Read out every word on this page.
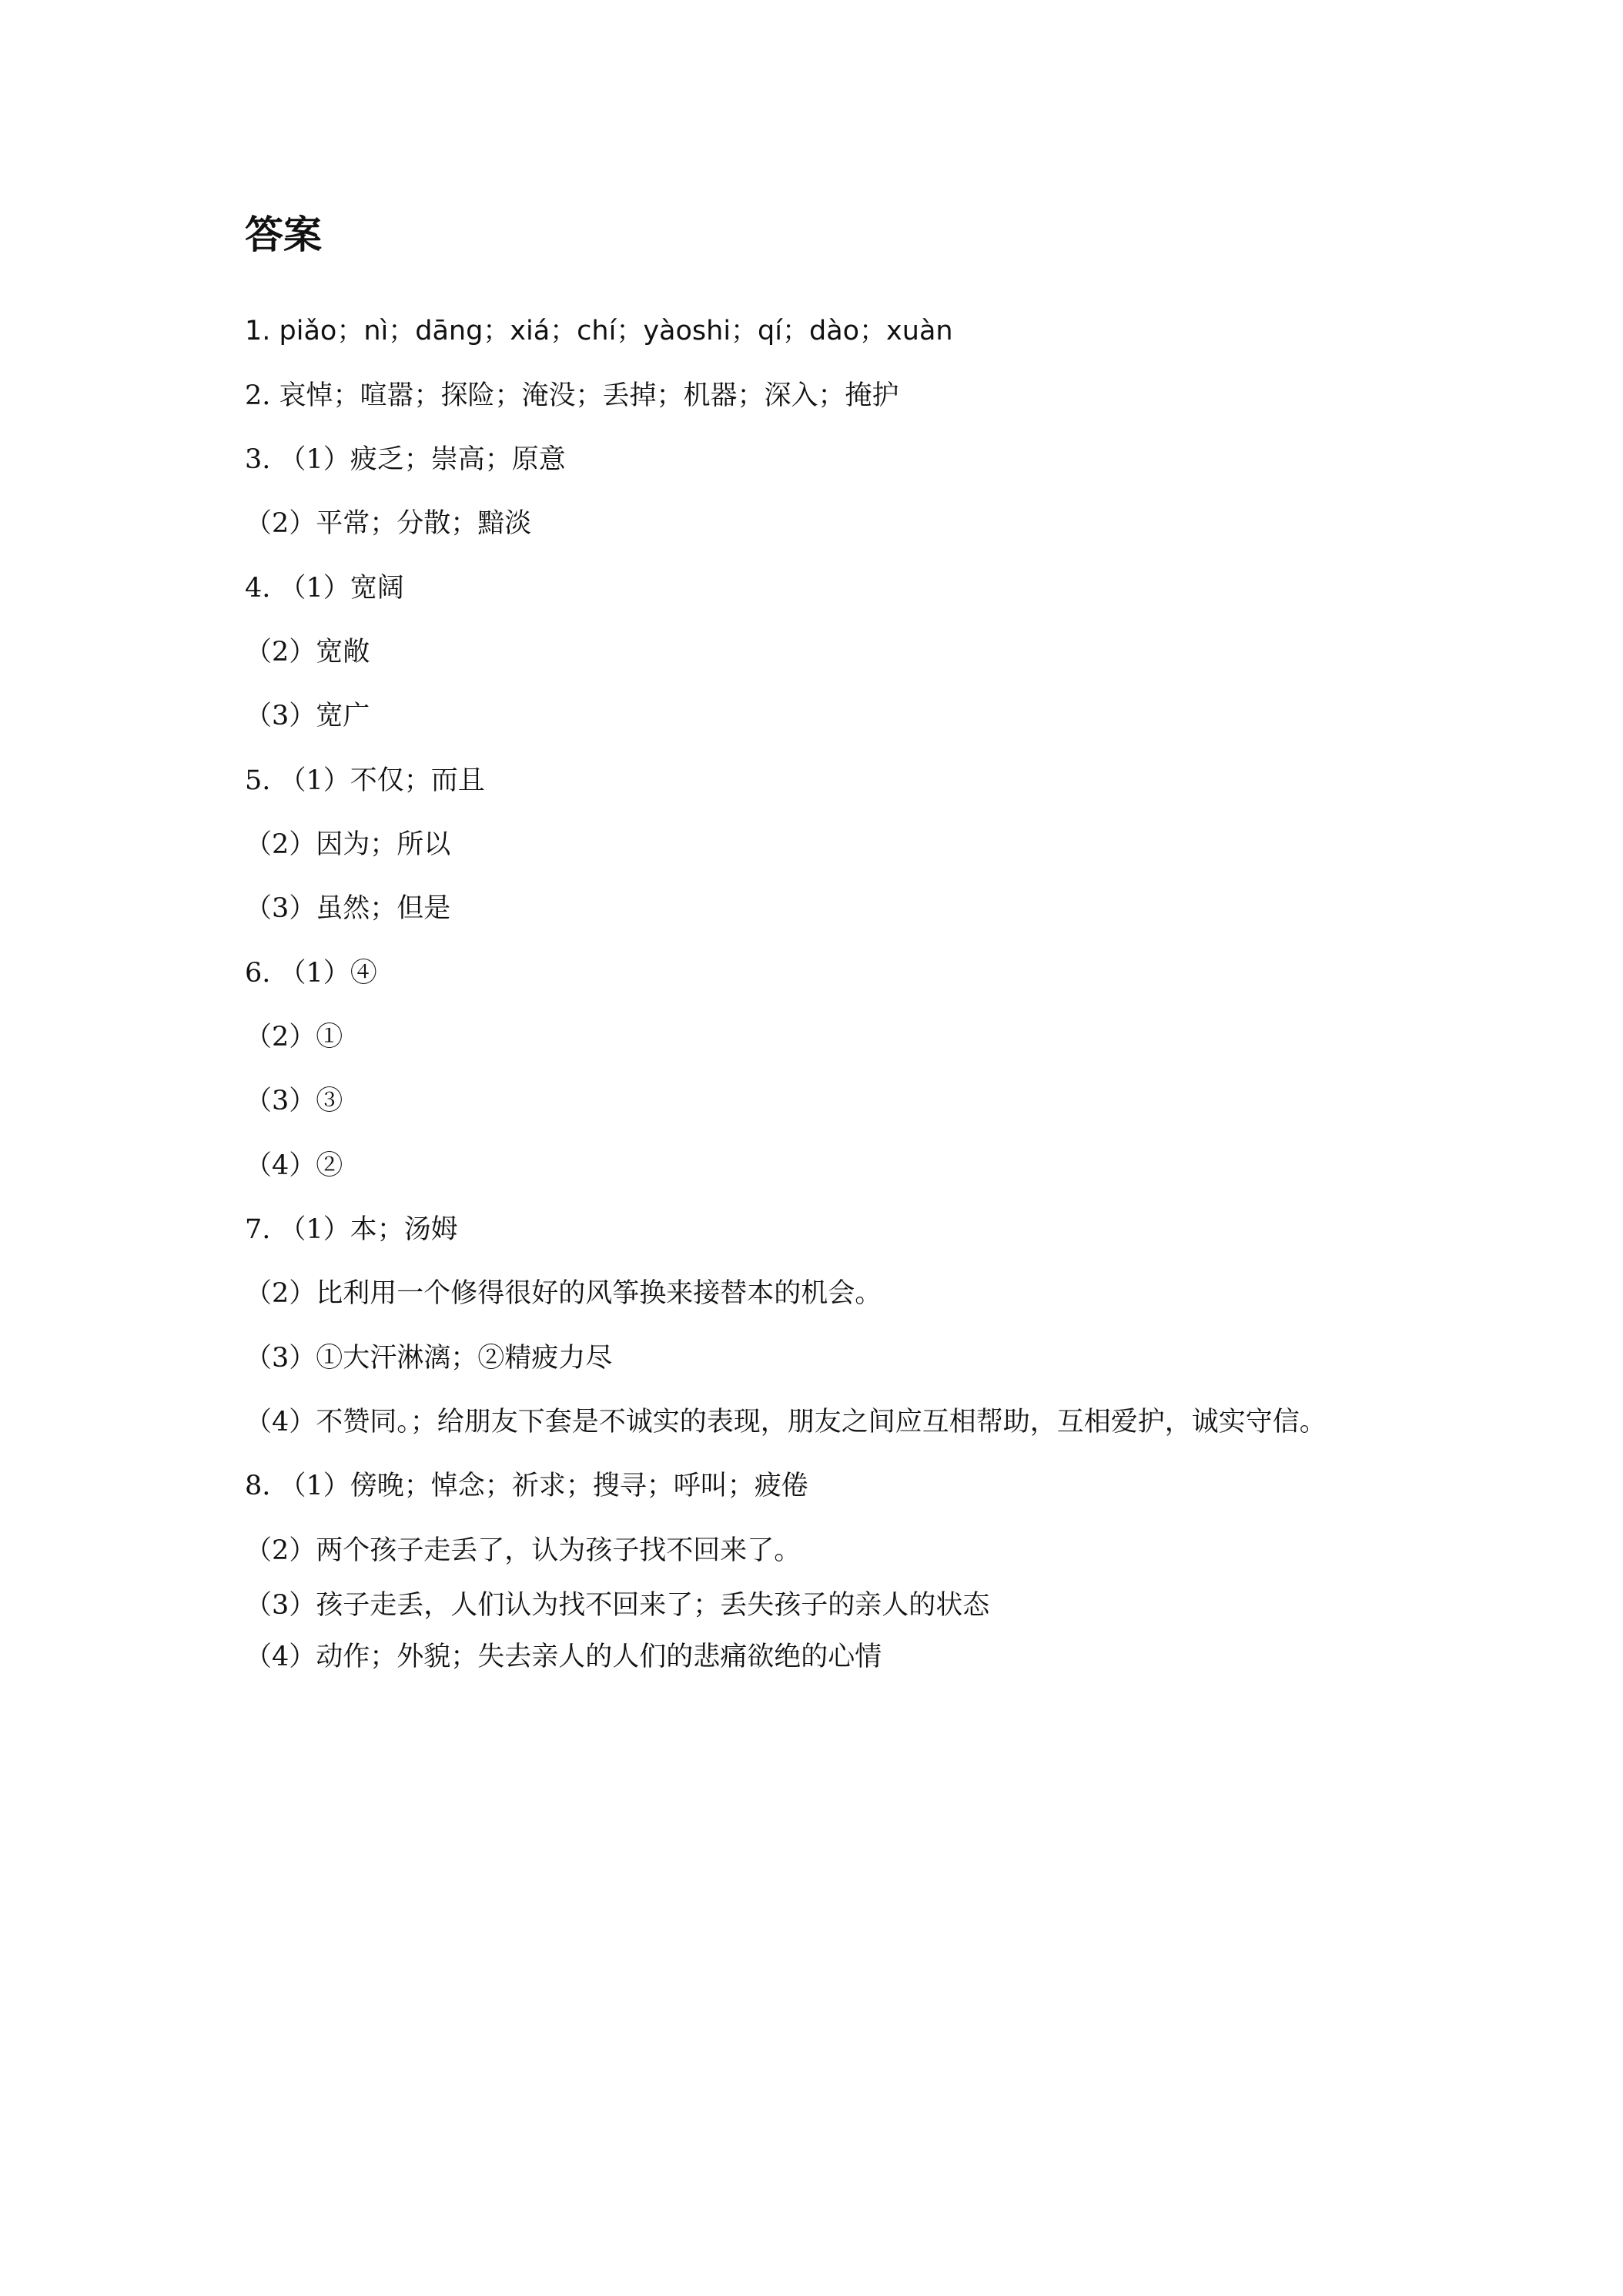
答案
1. piǎo；nì；dāng；xiá；chí；yàoshi；qí；dào；xuàn
2. 哀悼；喧嚣；探险；淹没；丢掉；机器；深入；掩护
3. （1）疲乏；崇高；原意
（2）平常；分散；黯淡
4. （1）宽阔
（2）宽敞
（3）宽广
5. （1）不仅；而且
（2）因为；所以
（3）虽然；但是
6. （1）④
（2）①
（3）③
（4）②
7. （1）本；汤姆
（2）比利用一个修得很好的风筝换来接替本的机会。
（3）①大汗淋漓；②精疲力尽
（4）不赞同。；给朋友下套是不诚实的表现，朋友之间应互相帮助，互相爱护，诚实守信。
8. （1）傍晚；悼念；祈求；搜寻；呼叫；疲倦
（2）两个孩子走丢了，认为孩子找不回来了。
（3）孩子走丢，人们认为找不回来了；丢失孩子的亲人的状态
（4）动作；外貌；失去亲人的人们的悲痛欲绝的心情
